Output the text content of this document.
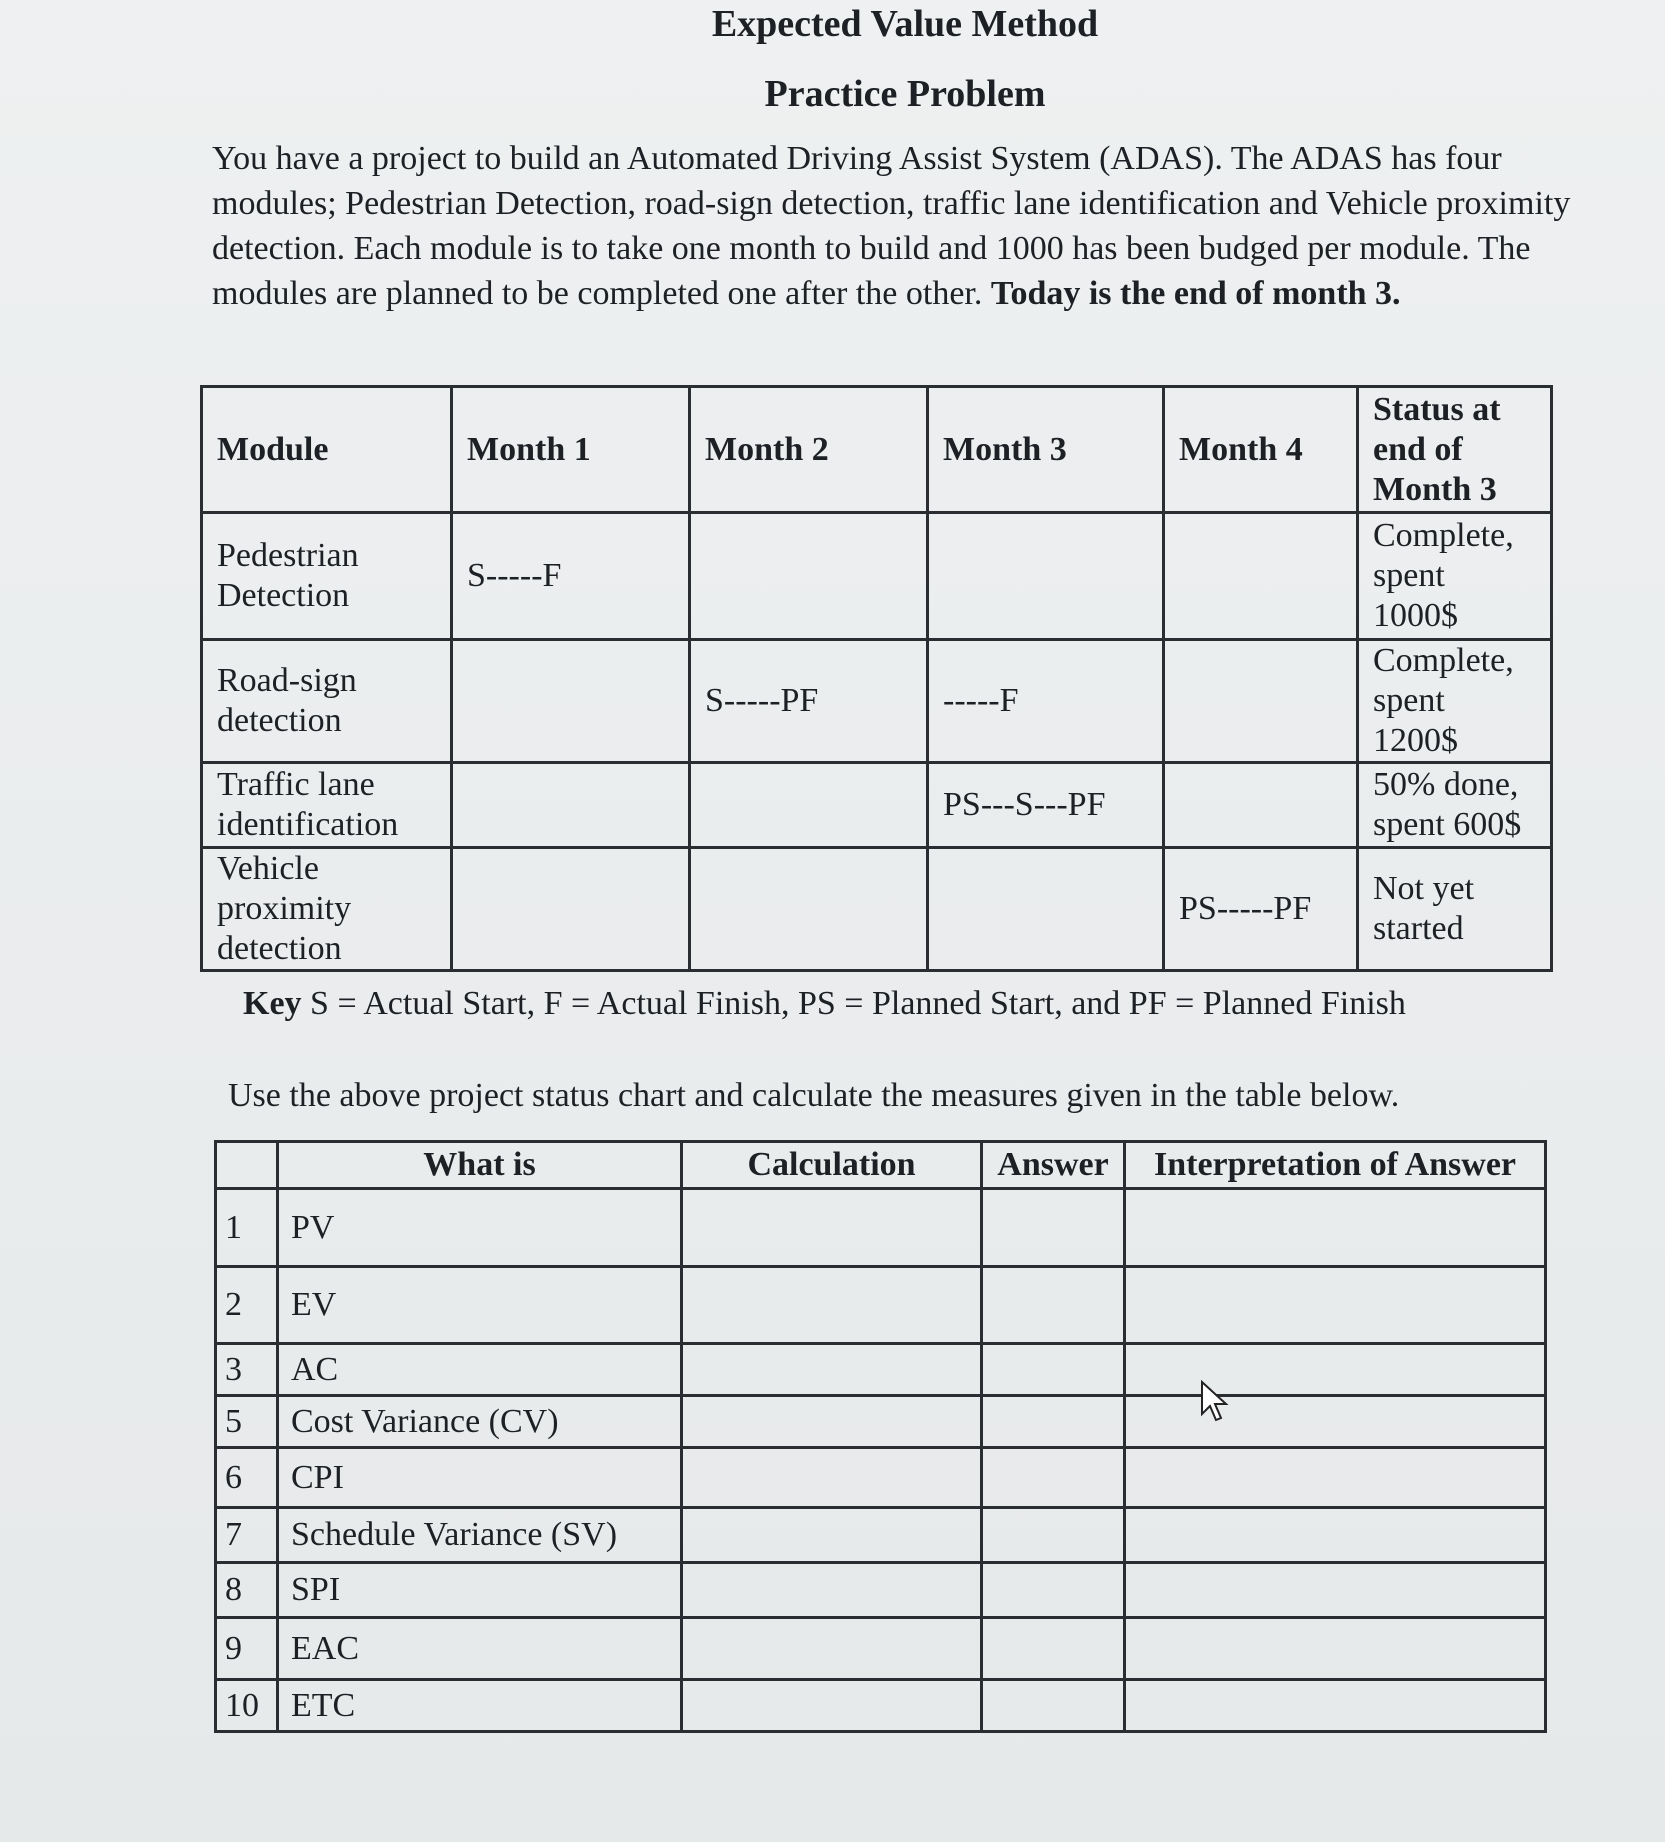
Expected Value Method
Practice Problem
You have a project to build an Automated Driving Assist System (ADAS). The ADAS has four modules; Pedestrian Detection, road-sign detection, traffic lane identification and Vehicle proximity detection. Each module is to take one month to build and 1000 has been budged per module. The modules are planned to be completed one after the other. Today is the end of month 3.
Module	Month 1	Month 2	Month 3	Month 4	Status at end of Month 3
Pedestrian Detection	S-----F				Complete, spent 1000$
Road-sign detection		S-----PF	-----F		Complete, spent 1200$
Traffic lane identification			PS---S---PF		50% done, spent 600$
Vehicle proximity detection				PS-----PF	Not yet started
Key S = Actual Start, F = Actual Finish, PS = Planned Start, and PF = Planned Finish
Use the above project status chart and calculate the measures given in the table below.
	What is	Calculation	Answer	Interpretation of Answer
1	PV			
2	EV			
3	AC			
5	Cost Variance (CV)			
6	CPI			
7	Schedule Variance (SV)			
8	SPI			
9	EAC			
10	ETC			
